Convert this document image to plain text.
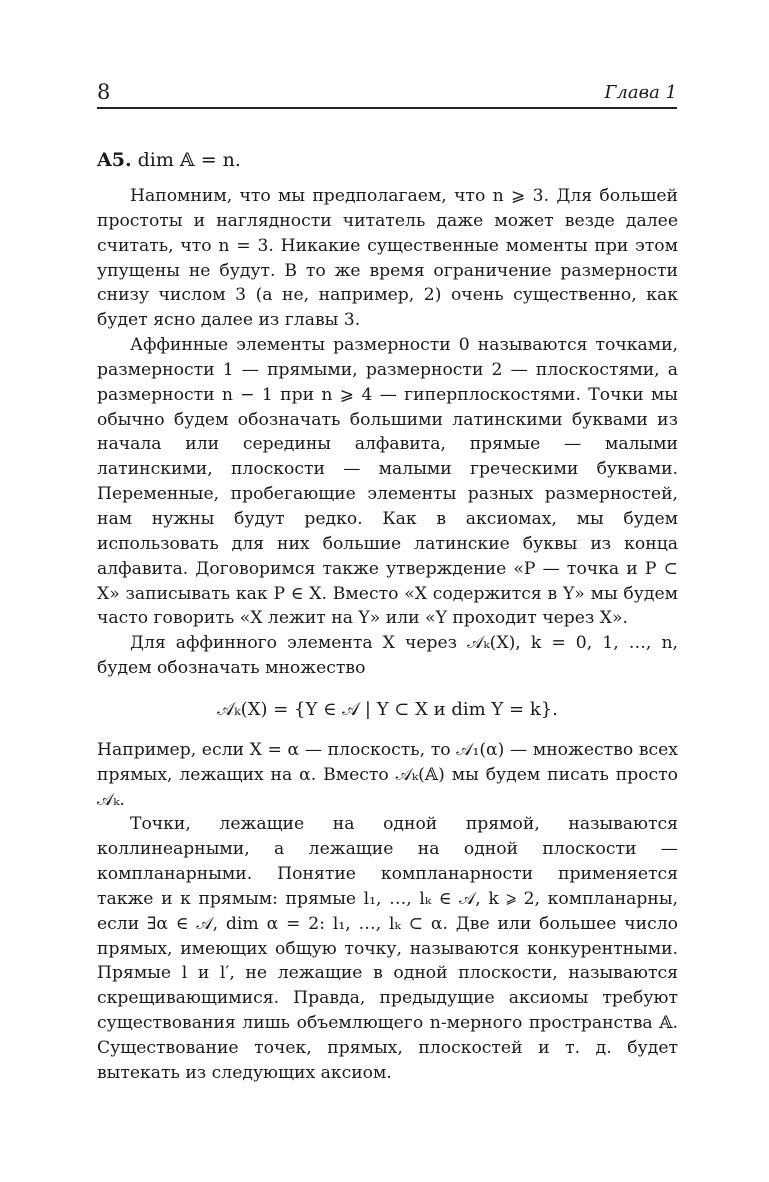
8	Глава 1
A5. dim 𝔸 = n.

Напомним, что мы предполагаем, что n ⩾ 3. Для большей простоты и наглядности читатель даже может везде далее считать, что n = 3. Никакие существенные моменты при этом упущены не будут. В то же время ограничение размерности снизу числом 3 (а не, например, 2) очень существенно, как будет ясно далее из главы 3.

Аффинные элементы размерности 0 называются точками, размерности 1 — прямыми, размерности 2 — плоскостями, а размерности n − 1 при n ⩾ 4 — гиперплоскостями. Точки мы обычно будем обозначать большими латинскими буквами из начала или середины алфавита, прямые — малыми латинскими, плоскости — малыми греческими буквами. Переменные, пробегающие элементы разных размерностей, нам нужны будут редко. Как в аксиомах, мы будем использовать для них большие латинские буквы из конца алфавита. Договоримся также утверждение «P — точка и P ⊂ X» записывать как P ∈ X. Вместо «X содержится в Y» мы будем часто говорить «X лежит на Y» или «Y проходит через X».

Для аффинного элемента X через 𝒜ₖ(X), k = 0, 1, …, n, будем обозначать множество

𝒜ₖ(X) = {Y ∈ 𝒜 | Y ⊂ X и dim Y = k}.

Например, если X = α — плоскость, то 𝒜₁(α) — множество всех прямых, лежащих на α. Вместо 𝒜ₖ(𝔸) мы будем писать просто 𝒜ₖ.

Точки, лежащие на одной прямой, называются коллинеарными, а лежащие на одной плоскости — компланарными. Понятие компланарности применяется также и к прямым: прямые l₁, …, lₖ ∈ 𝒜, k ⩾ 2, компланарны, если ∃α ∈ 𝒜, dim α = 2: l₁, …, lₖ ⊂ α. Две или большее число прямых, имеющих общую точку, называются конкурентными. Прямые l и l′, не лежащие в одной плоскости, называются скрещивающимися. Правда, предыдущие аксиомы требуют существования лишь объемлющего n-мерного пространства 𝔸. Существование точек, прямых, плоскостей и т. д. будет вытекать из следующих аксиом.
